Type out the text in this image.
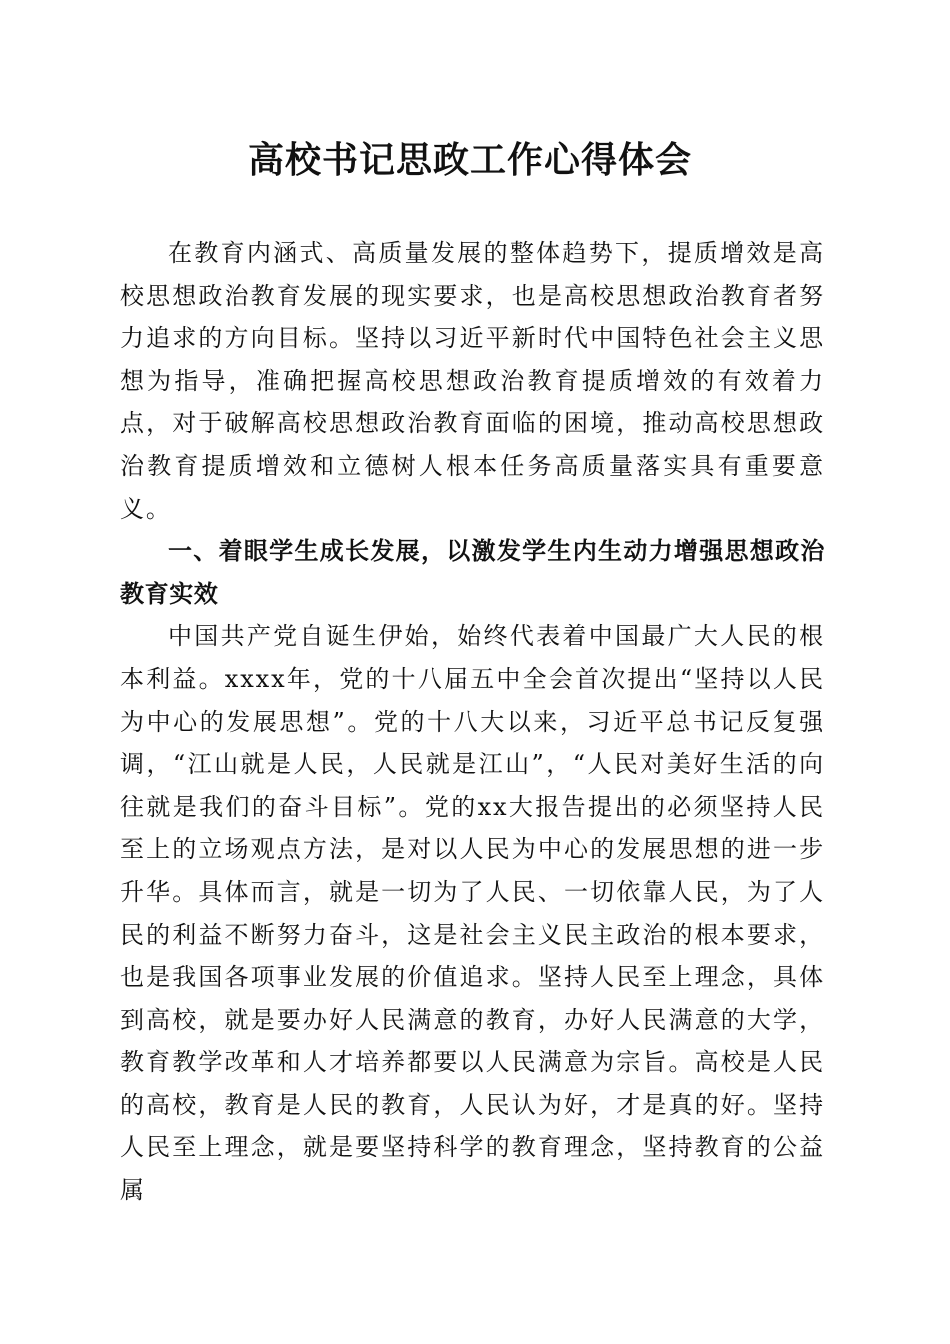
高校书记思政工作心得体会

在教育内涵式、高质量发展的整体趋势下，提质增效是高校思想政治教育发展的现实要求，也是高校思想政治教育者努力追求的方向目标。坚持以习近平新时代中国特色社会主义思想为指导，准确把握高校思想政治教育提质增效的有效着力点，对于破解高校思想政治教育面临的困境，推动高校思想政治教育提质增效和立德树人根本任务高质量落实具有重要意义。

一、着眼学生成长发展，以激发学生内生动力增强思想政治教育实效

中国共产党自诞生伊始，始终代表着中国最广大人民的根本利益。xxxx年，党的十八届五中全会首次提出“坚持以人民为中心的发展思想”。党的十八大以来，习近平总书记反复强调，“江山就是人民，人民就是江山”，“人民对美好生活的向往就是我们的奋斗目标”。党的xx大报告提出的必须坚持人民至上的立场观点方法，是对以人民为中心的发展思想的进一步升华。具体而言，就是一切为了人民、一切依靠人民，为了人民的利益不断努力奋斗，这是社会主义民主政治的根本要求，也是我国各项事业发展的价值追求。坚持人民至上理念，具体到高校，就是要办好人民满意的教育，办好人民满意的大学，教育教学改革和人才培养都要以人民满意为宗旨。高校是人民的高校，教育是人民的教育，人民认为好，才是真的好。坚持人民至上理念，就是要坚持科学的教育理念，坚持教育的公益属
